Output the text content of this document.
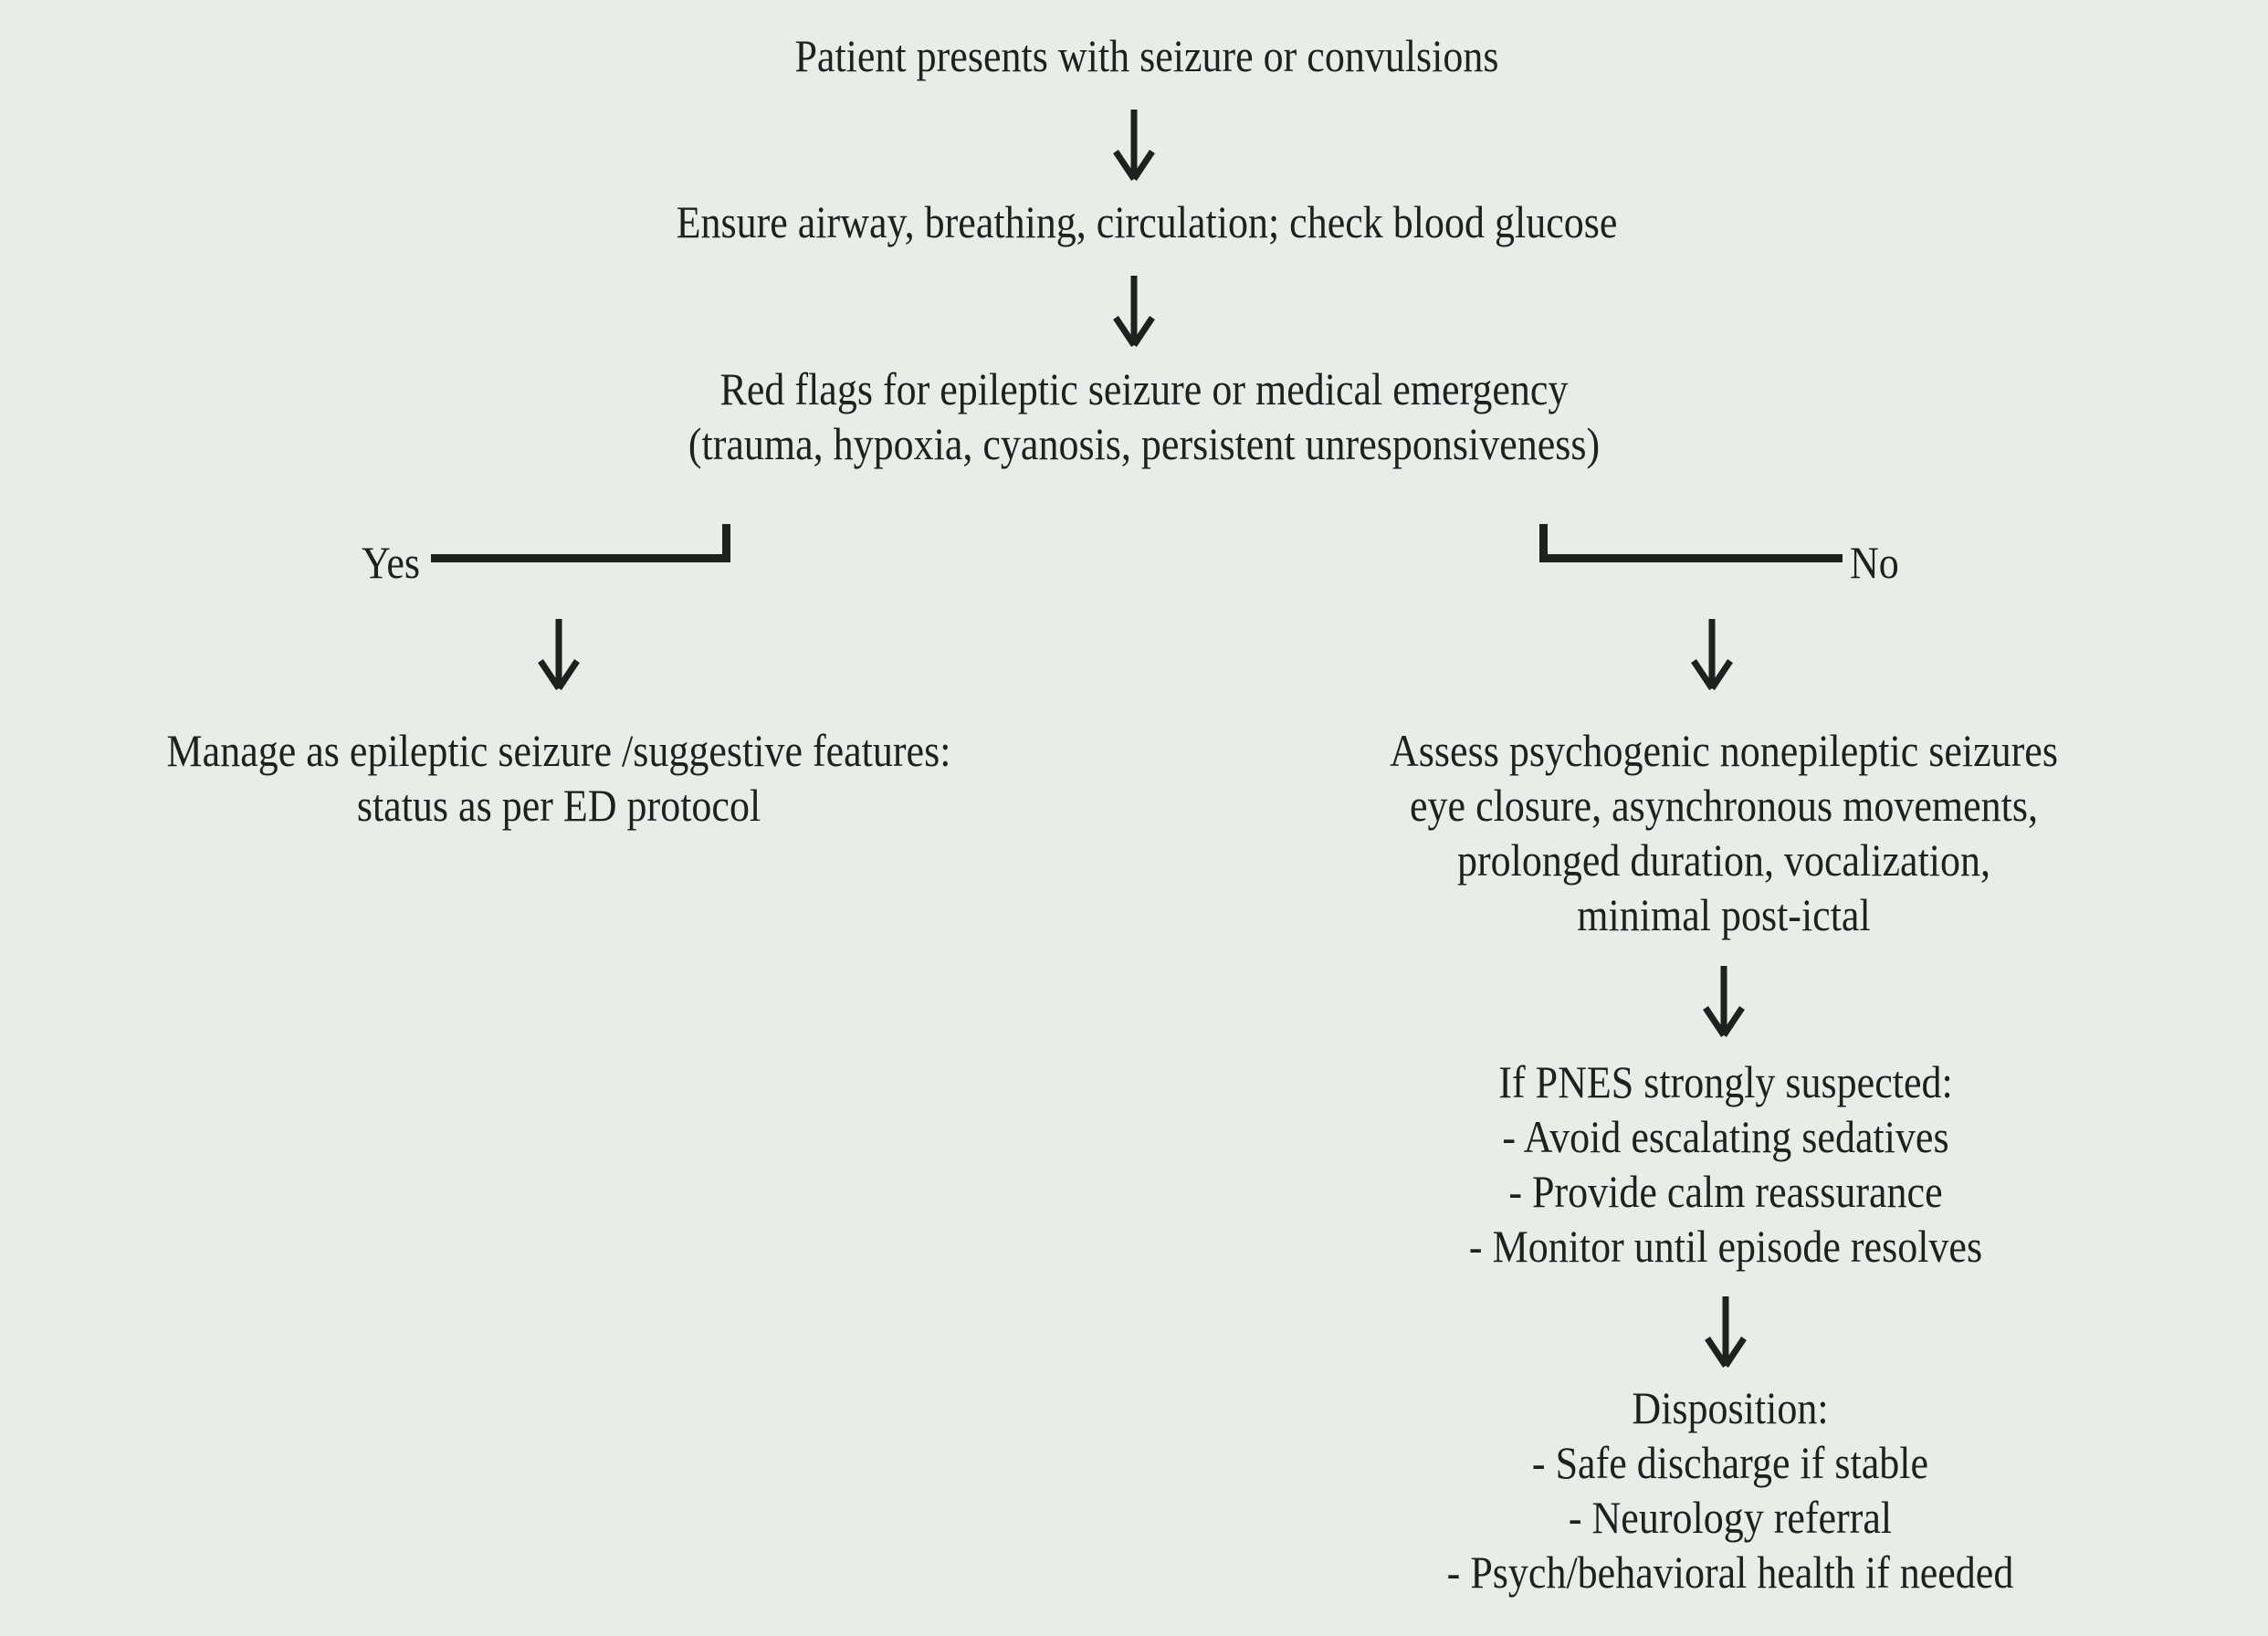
Patient presents with seizure or convulsions
Ensure airway, breathing, circulation; check blood glucose
Red flags for epileptic seizure or medical emergency
(trauma, hypoxia, cyanosis, persistent unresponsiveness)
Yes	No
Manage as epileptic seizure /suggestive features:
status as per ED protocol
Assess psychogenic nonepileptic seizures
eye closure, asynchronous movements,
prolonged duration, vocalization,
minimal post-ictal
If PNES strongly suspected:
- Avoid escalating sedatives
- Provide calm reassurance
- Monitor until episode resolves
Disposition:
- Safe discharge if stable
- Neurology referral
- Psych/behavioral health if needed
